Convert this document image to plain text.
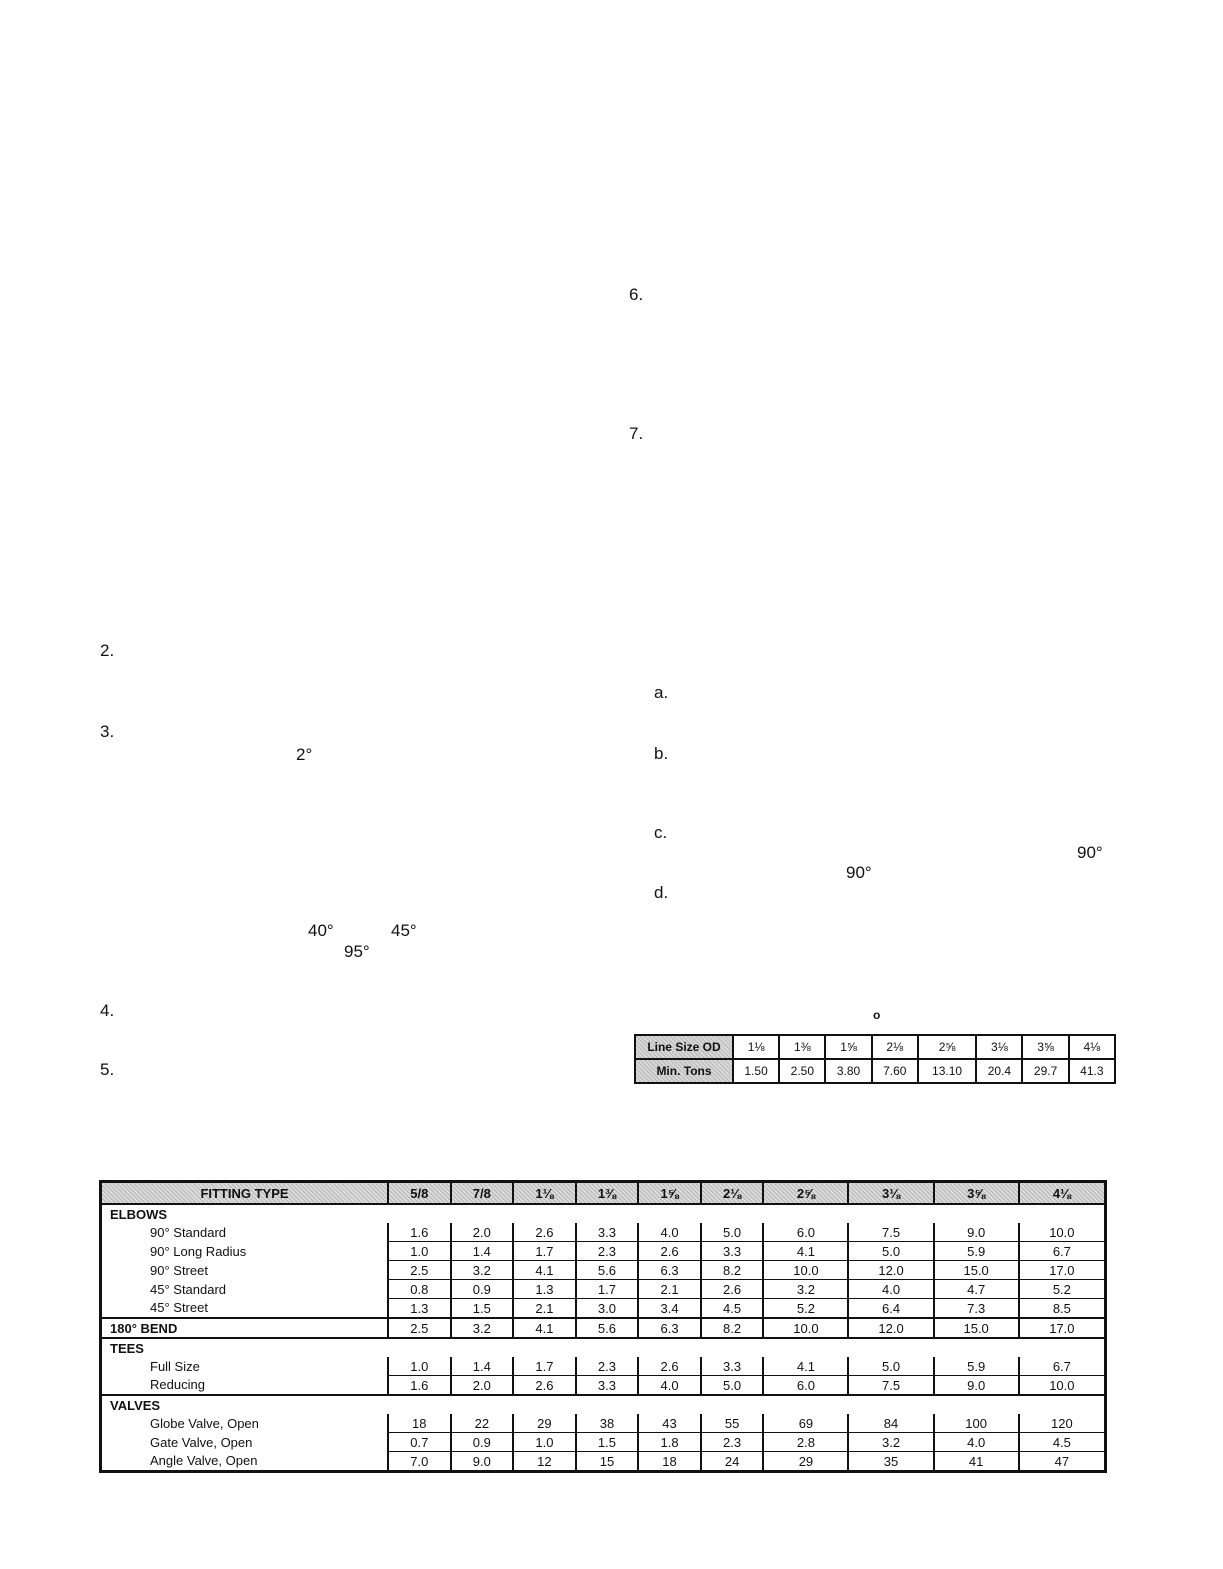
2.
3.
2°
40°	45°
95°
4.
5.
6.
7.
a.
b.
c.
90°
90°
d.
o
Line Size OD	1⅛	1⅜	1⅝	2⅛	2⅝	3⅛	3⅝	4⅛
Min. Tons	1.50	2.50	3.80	7.60	13.10	20.4	29.7	41.3
FITTING TYPE	5/8	7/8	1⅛	1⅜	1⅝	2⅛	2⅝	3⅛	3⅝	4⅛
ELBOWS										
90° Standard	1.6	2.0	2.6	3.3	4.0	5.0	6.0	7.5	9.0	10.0
90° Long Radius	1.0	1.4	1.7	2.3	2.6	3.3	4.1	5.0	5.9	6.7
90° Street	2.5	3.2	4.1	5.6	6.3	8.2	10.0	12.0	15.0	17.0
45° Standard	0.8	0.9	1.3	1.7	2.1	2.6	3.2	4.0	4.7	5.2
45° Street	1.3	1.5	2.1	3.0	3.4	4.5	5.2	6.4	7.3	8.5
180° BEND	2.5	3.2	4.1	5.6	6.3	8.2	10.0	12.0	15.0	17.0
TEES										
Full Size	1.0	1.4	1.7	2.3	2.6	3.3	4.1	5.0	5.9	6.7
Reducing	1.6	2.0	2.6	3.3	4.0	5.0	6.0	7.5	9.0	10.0
VALVES										
Globe Valve, Open	18	22	29	38	43	55	69	84	100	120
Gate Valve, Open	0.7	0.9	1.0	1.5	1.8	2.3	2.8	3.2	4.0	4.5
Angle Valve, Open	7.0	9.0	12	15	18	24	29	35	41	47
